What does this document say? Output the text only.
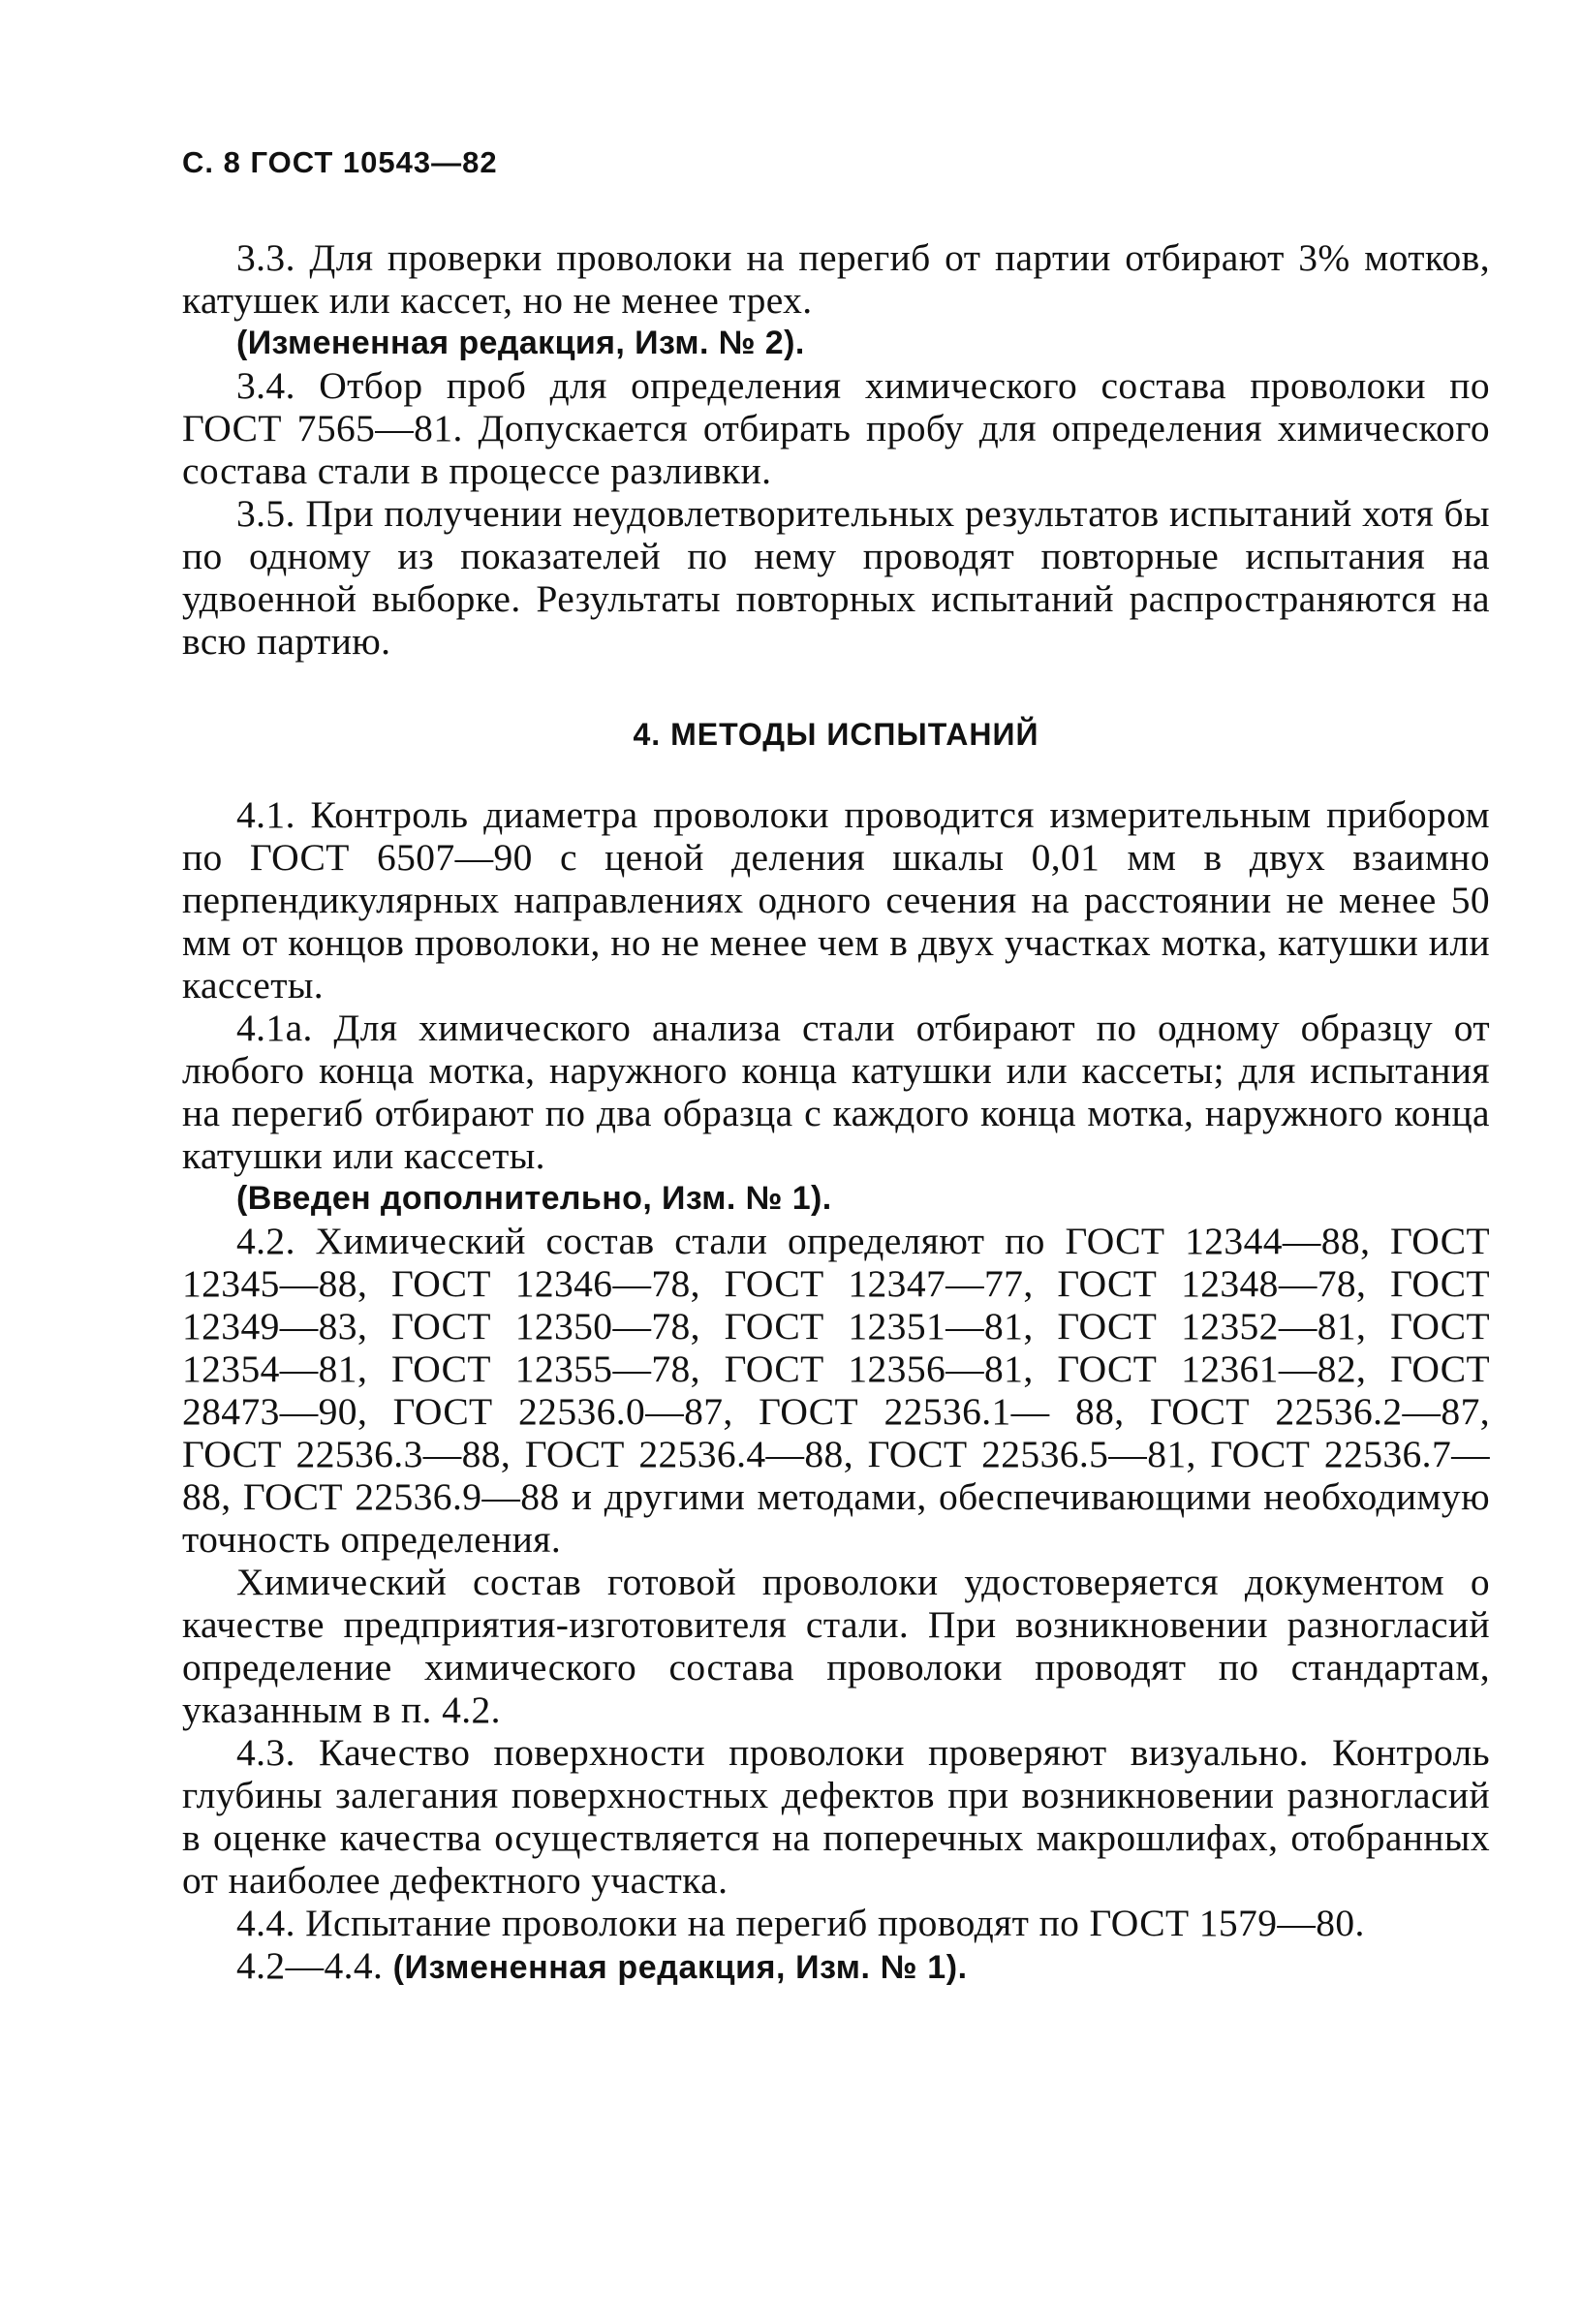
С. 8 ГОСТ 10543—82

3.3. Для проверки проволоки на перегиб от партии отбирают 3% мотков, катушек или кассет, но не менее трех.

(Измененная редакция, Изм. № 2).

3.4. Отбор проб для определения химического состава проволоки по ГОСТ 7565—81. Допускается отбирать пробу для определения химического состава стали в процессе разливки.

3.5. При получении неудовлетворительных результатов испытаний хотя бы по одному из показателей по нему проводят повторные испытания на удвоенной выборке. Результаты повторных испытаний распространяются на всю партию.

4. МЕТОДЫ ИСПЫТАНИЙ

4.1. Контроль диаметра проволоки проводится измерительным прибором по ГОСТ 6507—90 с ценой деления шкалы 0,01 мм в двух взаимно перпендикулярных направлениях одного сечения на расстоянии не менее 50 мм от концов проволоки, но не менее чем в двух участках мотка, катушки или кассеты.

4.1а. Для химического анализа стали отбирают по одному образцу от любого конца мотка, наружного конца катушки или кассеты; для испытания на перегиб отбирают по два образца с каждого конца мотка, наружного конца катушки или кассеты.

(Введен дополнительно, Изм. № 1).

4.2. Химический состав стали определяют по ГОСТ 12344—88, ГОСТ 12345—88, ГОСТ 12346—78, ГОСТ 12347—77, ГОСТ 12348—78, ГОСТ 12349—83, ГОСТ 12350—78, ГОСТ 12351—81, ГОСТ 12352—81, ГОСТ 12354—81, ГОСТ 12355—78, ГОСТ 12356—81, ГОСТ 12361—82, ГОСТ 28473—90, ГОСТ 22536.0—87, ГОСТ 22536.1— 88, ГОСТ 22536.2—87, ГОСТ 22536.3—88, ГОСТ 22536.4—88, ГОСТ 22536.5—81, ГОСТ 22536.7—88, ГОСТ 22536.9—88 и другими методами, обеспечивающими необходимую точность определения.

Химический состав готовой проволоки удостоверяется документом о качестве предприятия-изготовителя стали. При возникновении разногласий определение химического состава проволоки проводят по стандартам, указанным в п. 4.2.

4.3. Качество поверхности проволоки проверяют визуально. Контроль глубины залегания поверхностных дефектов при возникновении разногласий в оценке качества осуществляется на поперечных макрошлифах, отобранных от наиболее дефектного участка.

4.4. Испытание проволоки на перегиб проводят по ГОСТ 1579—80.

4.2—4.4. (Измененная редакция, Изм. № 1).
